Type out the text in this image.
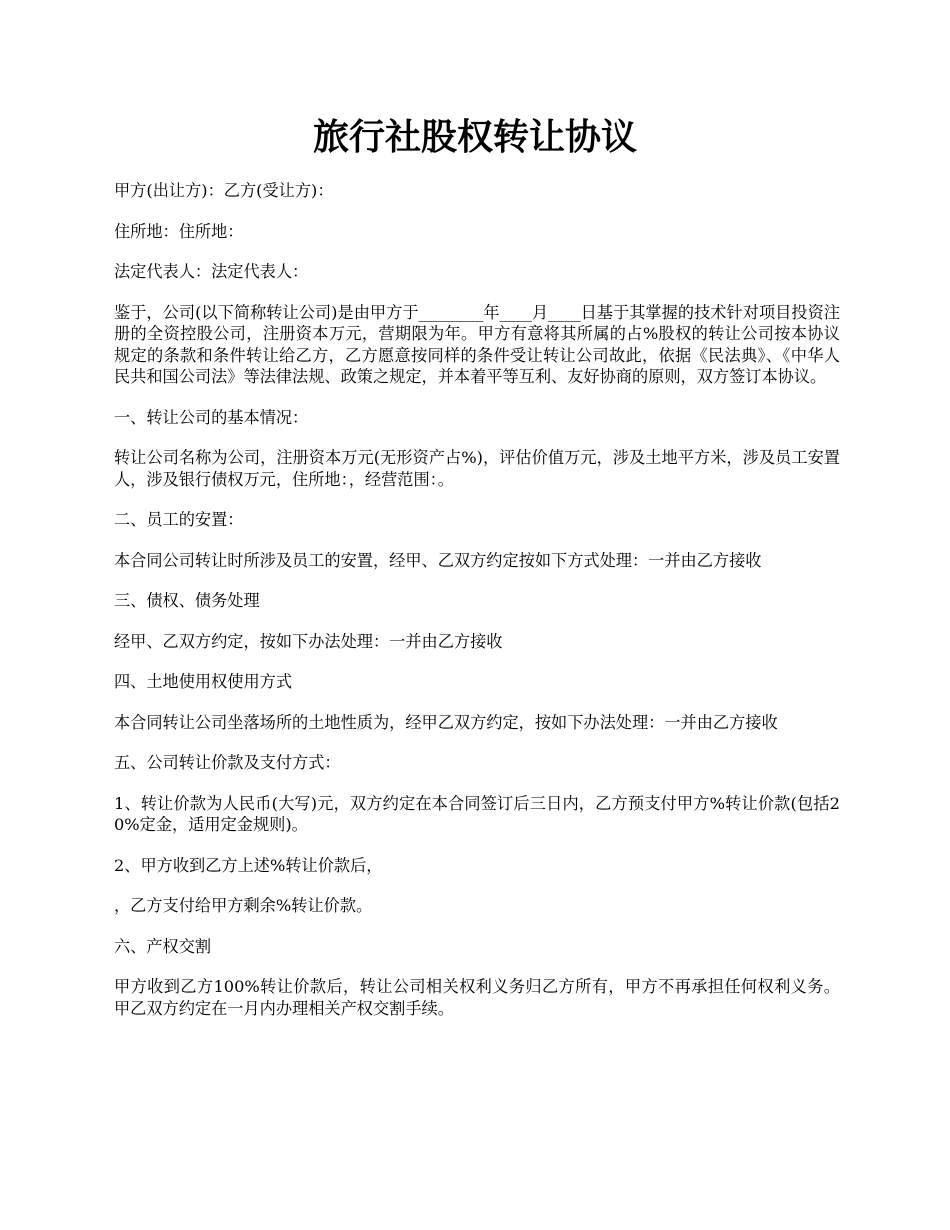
旅行社股权转让协议

甲方(出让方)：乙方(受让方)：

住所地：住所地：

法定代表人：法定代表人：

鉴于，公司(以下简称转让公司)是由甲方于________年____月____日基于其掌握的技术针对项目投资注册的全资控股公司，注册资本万元，营期限为年。甲方有意将其所属的占%股权的转让公司按本协议规定的条款和条件转让给乙方，乙方愿意按同样的条件受让转让公司故此，依据《民法典》、《中华人民共和国公司法》等法律法规、政策之规定，并本着平等互利、友好协商的原则，双方签订本协议。

一、转让公司的基本情况：

转让公司名称为公司，注册资本万元(无形资产占%)，评估价值万元，涉及土地平方米，涉及员工安置人，涉及银行债权万元，住所地：，经营范围：。

二、员工的安置：

本合同公司转让时所涉及员工的安置，经甲、乙双方约定按如下方式处理：一并由乙方接收

三、债权、债务处理

经甲、乙双方约定，按如下办法处理：一并由乙方接收

四、土地使用权使用方式

本合同转让公司坐落场所的土地性质为，经甲乙双方约定，按如下办法处理：一并由乙方接收

五、公司转让价款及支付方式：

1、转让价款为人民币(大写)元，双方约定在本合同签订后三日内，乙方预支付甲方%转让价款(包括20%定金，适用定金规则)。

2、甲方收到乙方上述%转让价款后，

，乙方支付给甲方剩余%转让价款。

六、产权交割

甲方收到乙方100%转让价款后，转让公司相关权利义务归乙方所有，甲方不再承担任何权利义务。甲乙双方约定在一月内办理相关产权交割手续。
